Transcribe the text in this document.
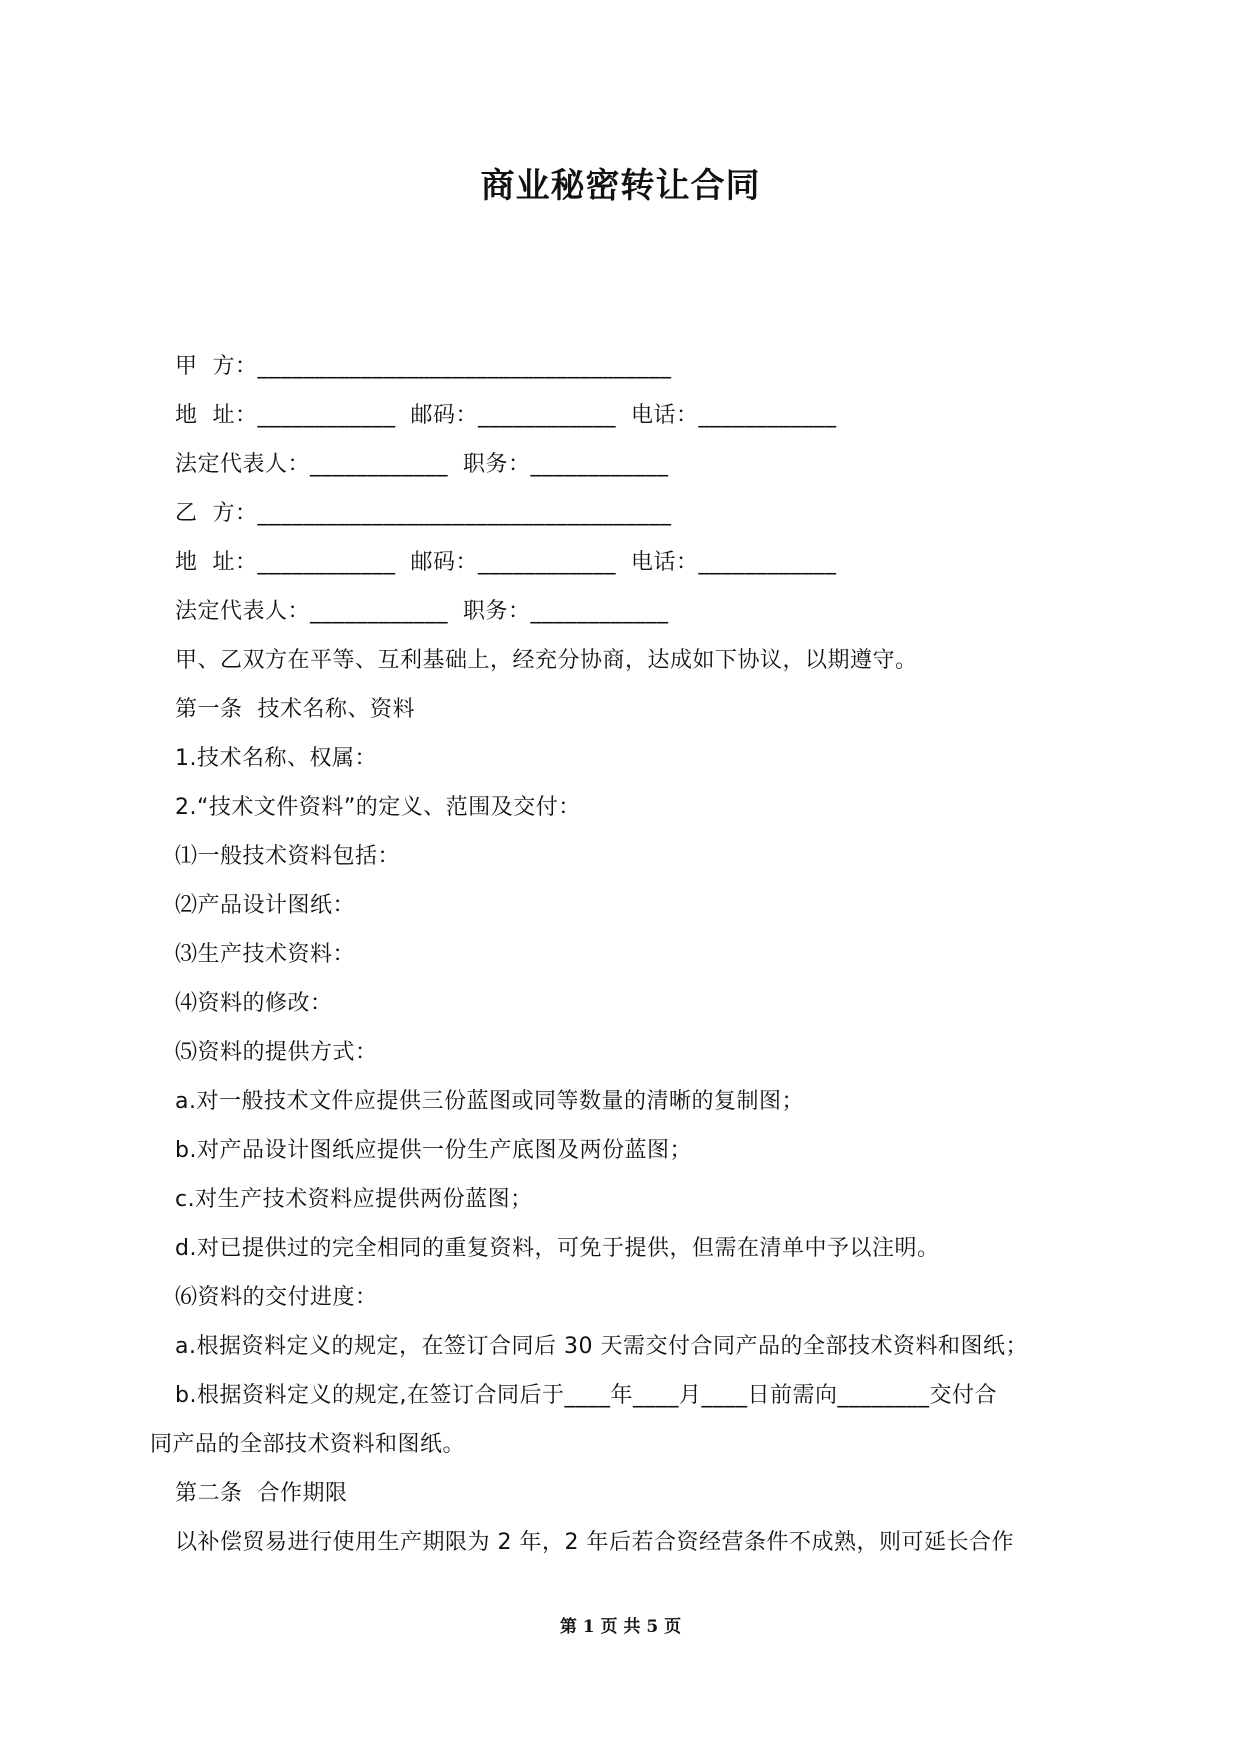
商业秘密转让合同
甲  方：____________________________________
地  址：____________  邮码：____________  电话：____________
法定代表人：____________  职务：____________
乙  方：____________________________________
地  址：____________  邮码：____________  电话：____________
法定代表人：____________  职务：____________
甲、乙双方在平等、互利基础上，经充分协商，达成如下协议，以期遵守。
第一条  技术名称、资料
1.技术名称、权属：
2.“技术文件资料”的定义、范围及交付：
⑴一般技术资料包括：
⑵产品设计图纸：
⑶生产技术资料：
⑷资料的修改：
⑸资料的提供方式：
a.对一般技术文件应提供三份蓝图或同等数量的清晰的复制图；
b.对产品设计图纸应提供一份生产底图及两份蓝图；
c.对生产技术资料应提供两份蓝图；
d.对已提供过的完全相同的重复资料，可免于提供，但需在清单中予以注明。
⑹资料的交付进度：
a.根据资料定义的规定，在签订合同后 30 天需交付合同产品的全部技术资料和图纸；
b.根据资料定义的规定,在签订合同后于____年____月____日前需向________交付合
同产品的全部技术资料和图纸。
第二条  合作期限
以补偿贸易进行使用生产期限为 2 年，2 年后若合资经营条件不成熟，则可延长合作
第 1 页 共 5 页
